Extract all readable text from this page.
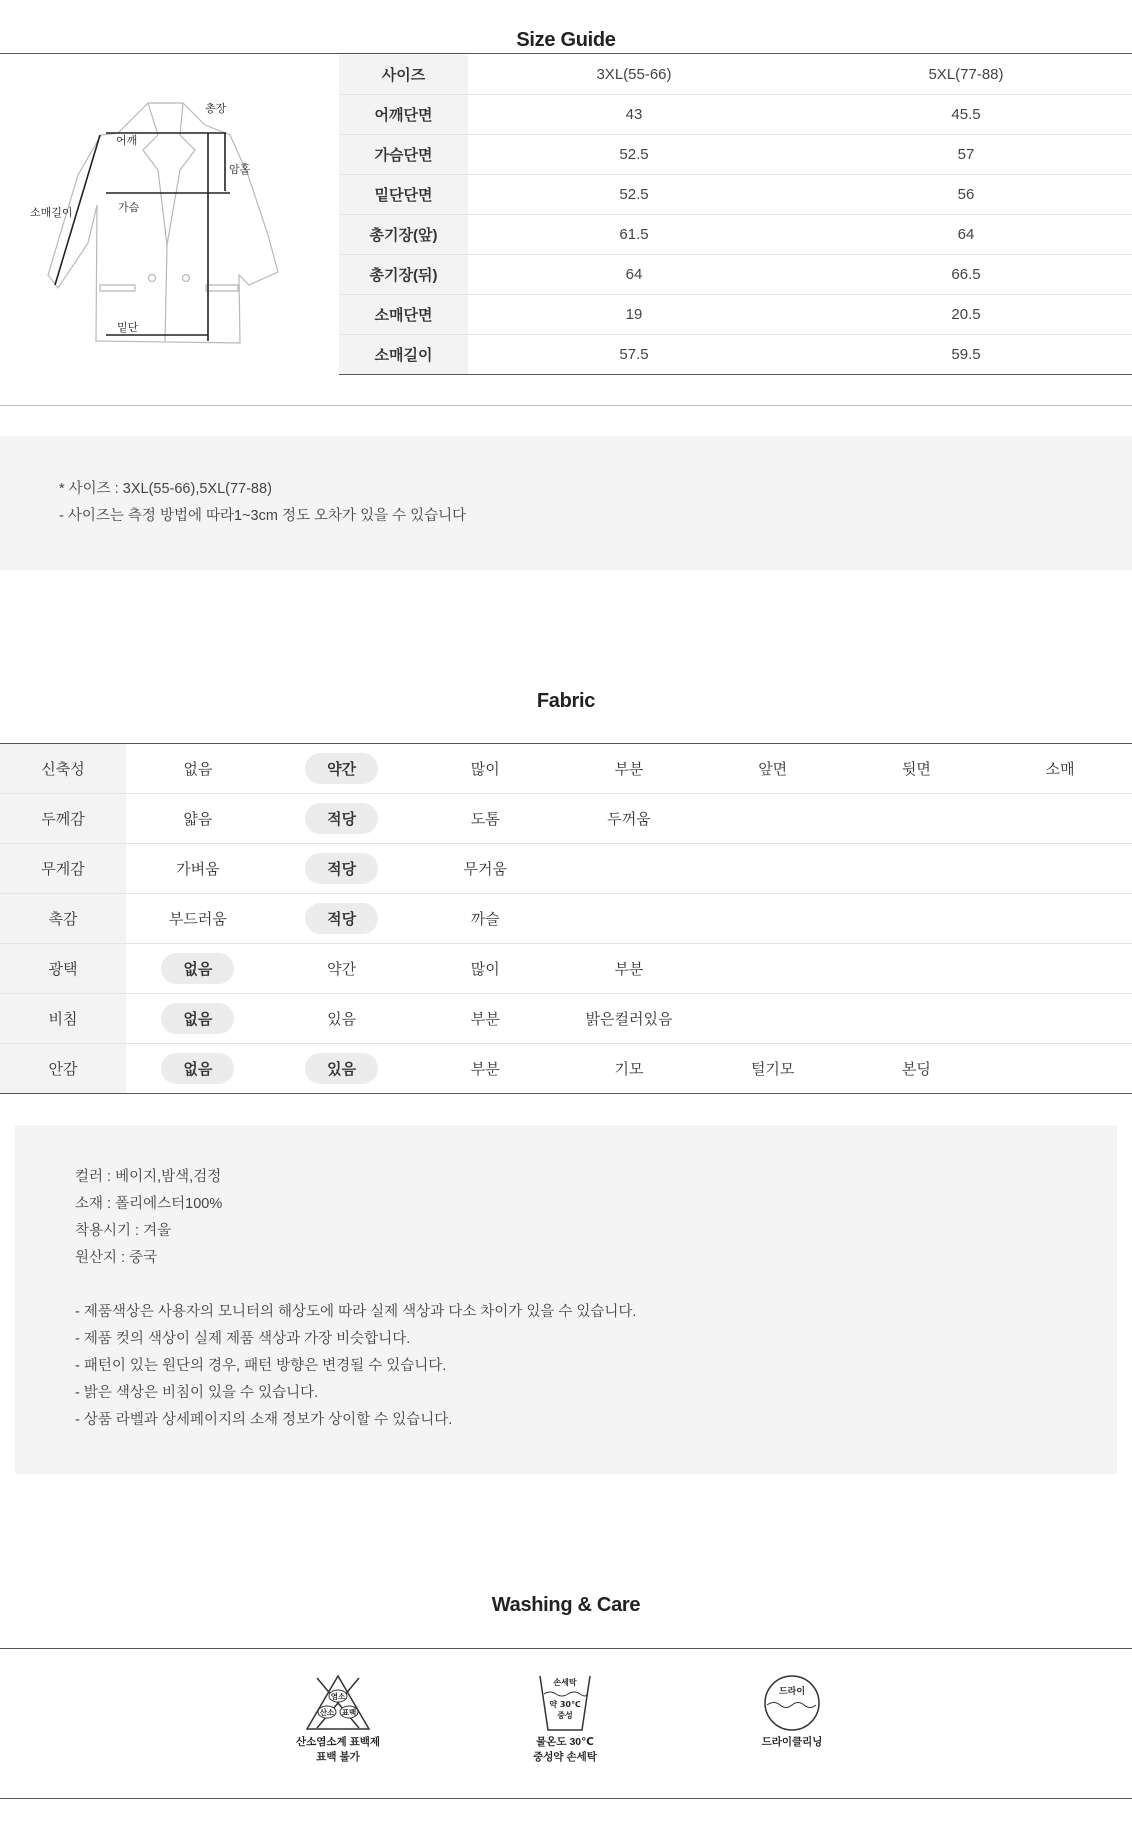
Size Guide
총장
어깨
암홀
소매길이	가슴
밑단
사이즈	3XL(55-66)	5XL(77-88)
어깨단면	43	45.5
가슴단면	52.5	57
밑단단면	52.5	56
총기장(앞)	61.5	64
총기장(뒤)	64	66.5
소매단면	19	20.5
소매길이	57.5	59.5
* 사이즈 : 3XL(55-66),5XL(77-88)
- 사이즈는 측정 방법에 따라1~3cm 정도 오차가 있을 수 있습니다
Fabric
신축성	없음	약간	많이	부분	앞면	뒷면	소매
두께감	얇음	적당	도톰	두꺼움			
무게감	가벼움	적당	무거움				
촉감	부드러움	적당	까슬				
광택	없음	약간	많이	부분			
비침	없음	있음	부분	밝은컬러있음			
안감	없음	있음	부분	기모	털기모	본딩	
컬러 : 베이지,밤색,검정
소재 : 폴리에스터100%
착용시기 : 겨울
원산지 : 중국
- 제품색상은 사용자의 모니터의 해상도에 따라 실제 색상과 다소 차이가 있을 수 있습니다.
- 제품 컷의 색상이 실제 제품 색상과 가장 비슷합니다.
- 패턴이 있는 원단의 경우, 패턴 방향은 변경될 수 있습니다.
- 밝은 색상은 비침이 있을 수 있습니다.
- 상품 라벨과 상세페이지의 소재 정보가 상이할 수 있습니다.
Washing & Care
염소
산소 표백
산소염소계 표백제
표백 불가
손세탁
약 30℃
중성
물온도 30℃
중성약 손세탁
드라이
드라이클리닝
